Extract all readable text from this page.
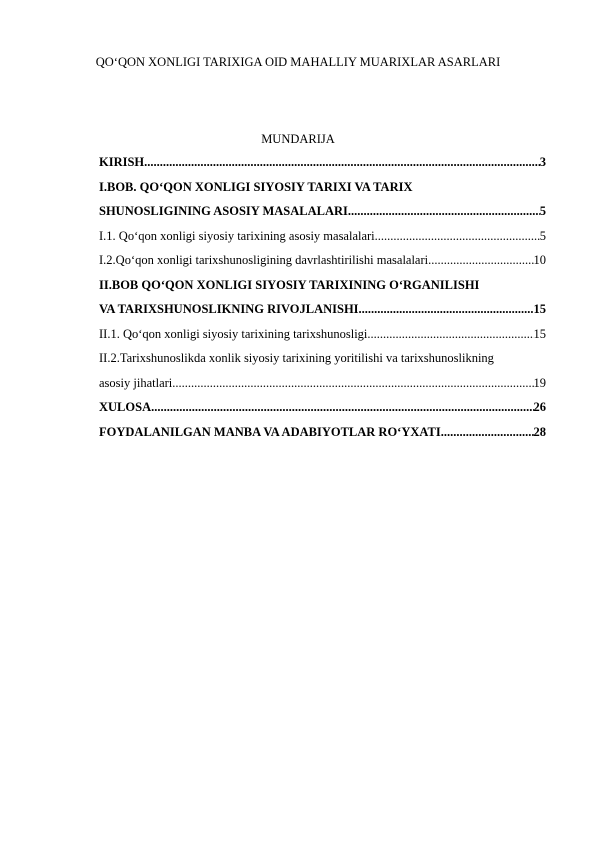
QO‘QON XONLIGI TARIXIGA OID MAHALLIY MUARIXLAR ASARLARI
MUNDARIJA
KIRISH .....	3
I.BOB. QO‘QON XONLIGI SIYOSIY TARIXI VA TARIX
SHUNOSLIGINING ASOSIY MASALALARI .....	5
I.1. Qo‘qon xonligi siyosiy tarixining asosiy masalalari .....	5
I.2.Qo‘qon xonligi tarixshunosligining davrlashtirilishi masalalari .....	10
II.BOB QO‘QON XONLIGI SIYOSIY TARIXINING O‘RGANILISHI
VA TARIXSHUNOSLIKNING RIVOJLANISHI .....	15
II.1. Qo‘qon xonligi siyosiy tarixining tarixshunosligi .....	15
II.2.Tarixshunoslikda xonlik siyosiy tarixining yoritilishi va tarixshunoslikning
asosiy jihatlari .....	19
XULOSA .....	26
FOYDALANILGAN MANBA VA ADABIYOTLAR RO‘YXATI .....	28
